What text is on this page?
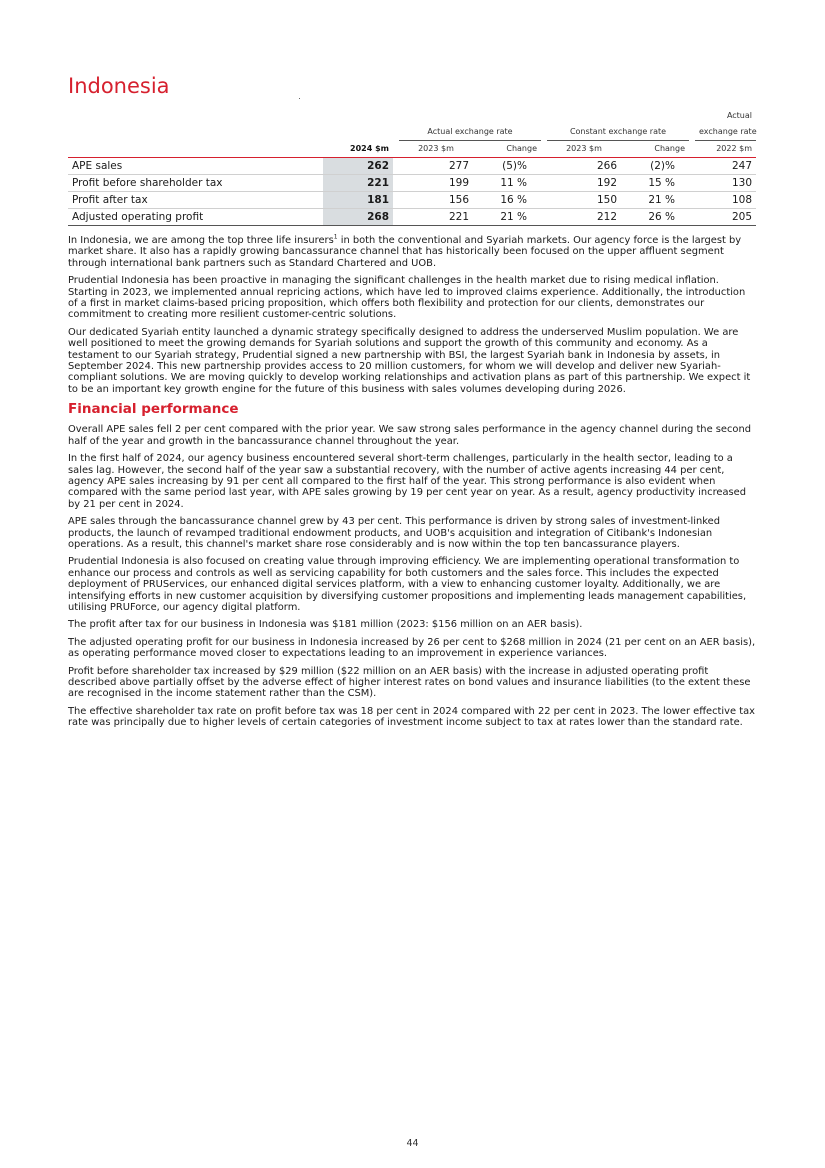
Indonesia
			Actual exchange rate			Constant exchange rate			Actual
exchange rate
	2024 $m		2023 $m	Change		2023 $m	Change		2022 $m
APE sales	262		277	(5)%		266	(2)%		247
Profit before shareholder tax	221		199	11 %		192	15 %		130
Profit after tax	181		156	16 %		150	21 %		108
Adjusted operating profit	268		221	21 %		212	26 %		205

In Indonesia, we are among the top three life insurers$^1$ in both the conventional and Syariah markets. Our agency force is the largest by market share. It also has a rapidly growing bancassurance channel that has historically been focused on the upper affluent segment through international bank partners such as Standard Chartered and UOB.

Prudential Indonesia has been proactive in managing the significant challenges in the health market due to rising medical inflation. Starting in 2023, we implemented annual repricing actions, which have led to improved claims experience. Additionally, the introduction of a first in market claims-based pricing proposition, which offers both flexibility and protection for our clients, demonstrates our commitment to creating more resilient customer-centric solutions.

Our dedicated Syariah entity launched a dynamic strategy specifically designed to address the underserved Muslim population. We are well positioned to meet the growing demands for Syariah solutions and support the growth of this community and economy. As a testament to our Syariah strategy, Prudential signed a new partnership with BSI, the largest Syariah bank in Indonesia by assets, in September 2024. This new partnership provides access to 20 million customers, for whom we will develop and deliver new Syariah-compliant solutions. We are moving quickly to develop working relationships and activation plans as part of this partnership. We expect it to be an important key growth engine for the future of this business with sales volumes developing during 2026.

Financial performance

Overall APE sales fell 2 per cent compared with the prior year. We saw strong sales performance in the agency channel during the second half of the year and growth in the bancassurance channel throughout the year.

In the first half of 2024, our agency business encountered several short-term challenges, particularly in the health sector, leading to a sales lag. However, the second half of the year saw a substantial recovery, with the number of active agents increasing 44 per cent, agency APE sales increasing by 91 per cent all compared to the first half of the year. This strong performance is also evident when compared with the same period last year, with APE sales growing by 19 per cent year on year. As a result, agency productivity increased by 21 per cent in 2024.

APE sales through the bancassurance channel grew by 43 per cent. This performance is driven by strong sales of investment-linked products, the launch of revamped traditional endowment products, and UOB's acquisition and integration of Citibank's Indonesian operations. As a result, this channel's market share rose considerably and is now within the top ten bancassurance players.

Prudential Indonesia is also focused on creating value through improving efficiency. We are implementing operational transformation to enhance our process and controls as well as servicing capability for both customers and the sales force. This includes the expected deployment of PRUServices, our enhanced digital services platform, with a view to enhancing customer loyalty. Additionally, we are intensifying efforts in new customer acquisition by diversifying customer propositions and implementing leads management capabilities, utilising PRUForce, our agency digital platform.

The profit after tax for our business in Indonesia was $181 million (2023: $156 million on an AER basis).

The adjusted operating profit for our business in Indonesia increased by 26 per cent to $268 million in 2024 (21 per cent on an AER basis), as operating performance moved closer to expectations leading to an improvement in experience variances.

Profit before shareholder tax increased by $29 million ($22 million on an AER basis) with the increase in adjusted operating profit described above partially offset by the adverse effect of higher interest rates on bond values and insurance liabilities (to the extent these are recognised in the income statement rather than the CSM).

The effective shareholder tax rate on profit before tax was 18 per cent in 2024 compared with 22 per cent in 2023. The lower effective tax rate was principally due to higher levels of certain categories of investment income subject to tax at rates lower than the standard rate.

44
